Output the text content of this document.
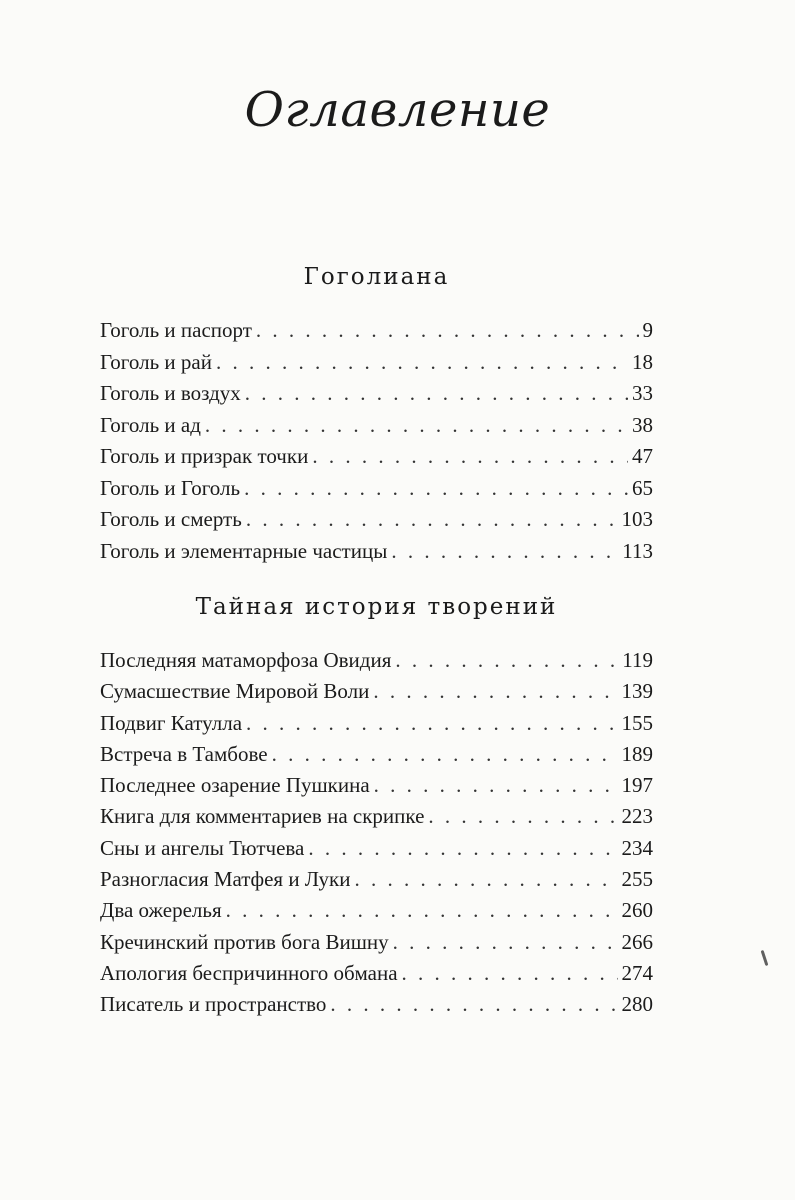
Оглавление
Гоголиана
Гоголь и паспорт . . .	9
Гоголь и рай . . .	18
Гоголь и воздух . . .	33
Гоголь и ад . . .	38
Гоголь и призрак точки . . .	47
Гоголь и Гоголь . . .	65
Гоголь и смерть . . .	103
Гоголь и элементарные частицы . . .	113
Тайная история творений
Последняя матаморфоза Овидия . . .	119
Сумасшествие Мировой Воли . . .	139
Подвиг Катулла . . .	155
Встреча в Тамбове . . .	189
Последнее озарение Пушкина . . .	197
Книга для комментариев на скрипке . . .	223
Сны и ангелы Тютчева . . .	234
Разногласия Матфея и Луки . . .	255
Два ожерелья . . .	260
Кречинский против бога Вишну . . .	266
Апология беспричинного обмана . . .	274
Писатель и пространство . . .	280
